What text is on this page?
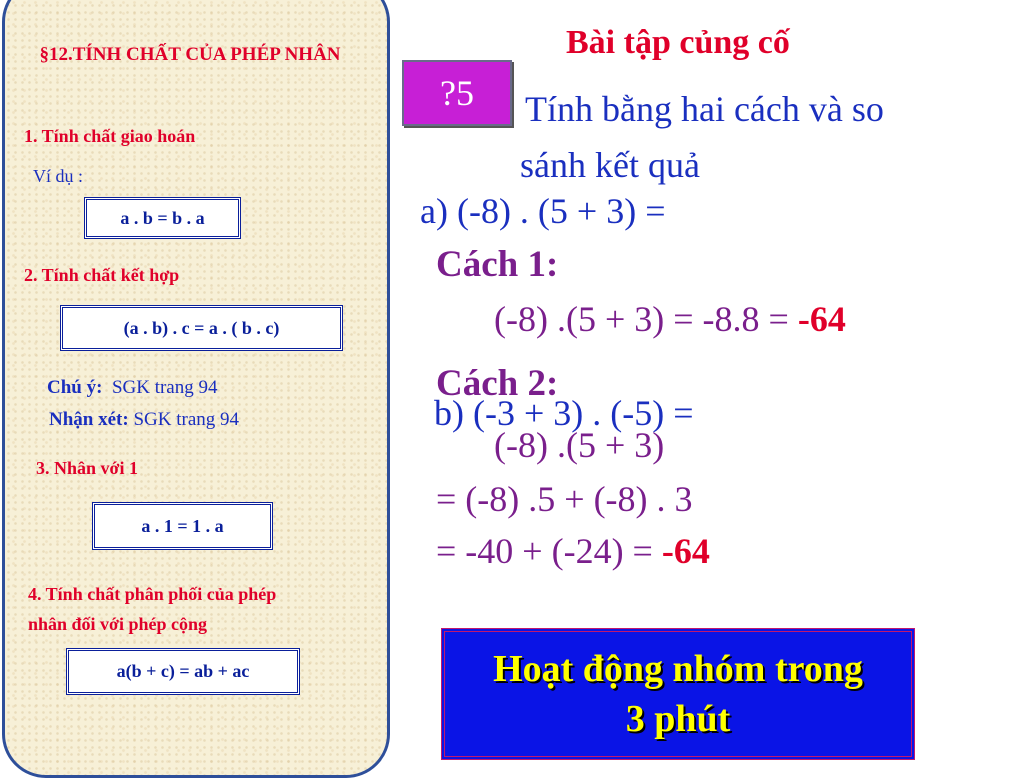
§12.TÍNH CHẤT CỦA PHÉP NHÂN
1. Tính chất giao hoán
Ví dụ :
a . b = b . a
2. Tính chất kết hợp
(a . b) . c = a . ( b . c)
Chú ý: SGK trang 94
Nhận xét: SGK trang 94
3. Nhân với 1
a . 1 = 1 . a
4. Tính chất phân phối của phép
nhân đối với phép cộng
a(b + c) = ab + ac
Bài tập củng cố
?5	Tính bằng hai cách và so
sánh kết quả
a) (-8) . (5 + 3) =
Cách 1:
(-8) .(5 + 3) = -8.8 = -64
Cách 2:
b) (-3 + 3) . (-5) =
(-8) .(5 + 3)
= (-8) .5 + (-8) . 3
= -40 + (-24) = -64
Hoạt động nhóm trong
3 phút
